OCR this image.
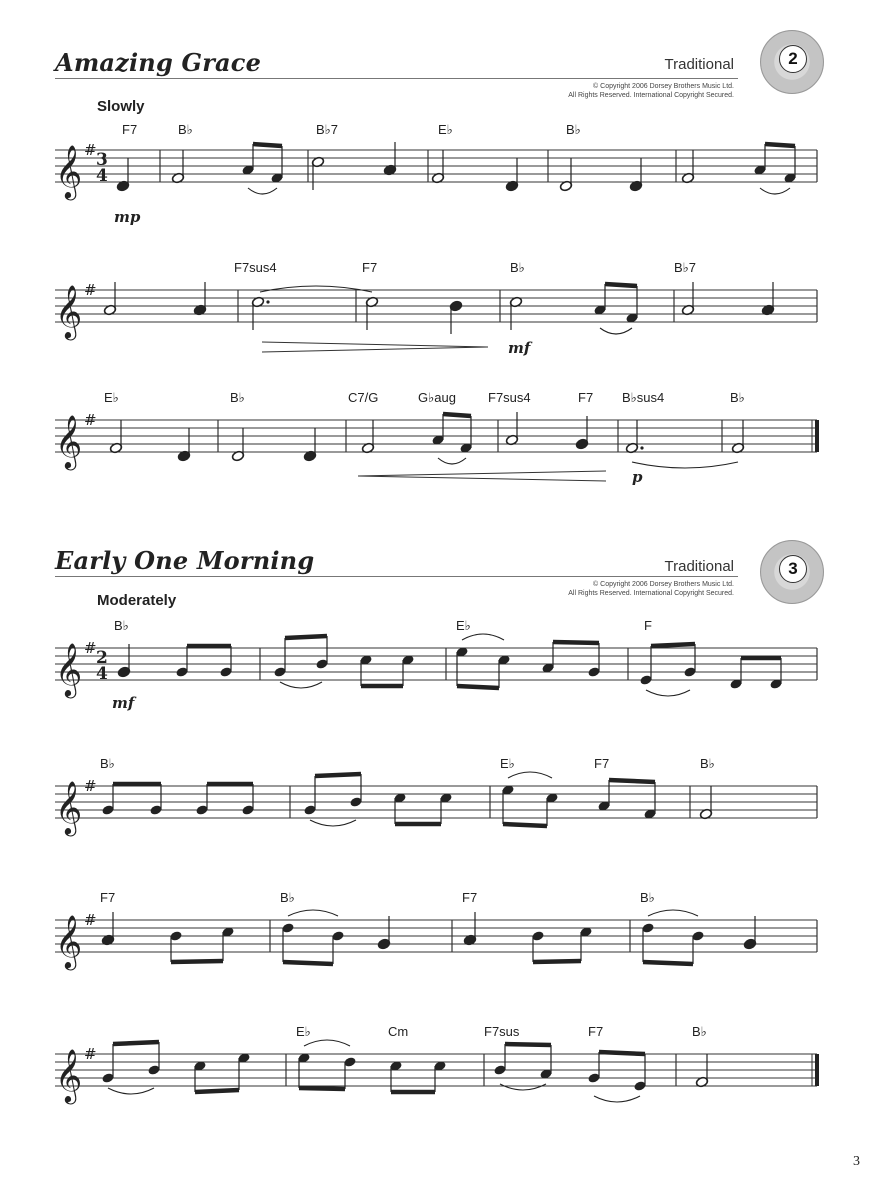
Amazing Grace	Traditional
© Copyright 2006 Dorsey Brothers Music Ltd.
All Rights Reserved. International Copyright Secured.
2
Slowly
𝄞 # 3
4
F7	B♭	B♭7	E♭	B♭
mp
𝄞 #
F7sus4	F7	B♭	B♭7
mf
𝄞 #
E♭	B♭	C7/G	G♭aug F7sus4	F7 B♭sus4	B♭
p
Early One Morning	Traditional
© Copyright 2006 Dorsey Brothers Music Ltd.
All Rights Reserved. International Copyright Secured.
3
Moderately
𝄞 # 2
4
B♭	E♭	F
mf
𝄞 #
B♭	E♭	F7	B♭
𝄞 #
F7	B♭	F7	B♭
𝄞 #
E♭	Cm	F7sus	F7	B♭
3
